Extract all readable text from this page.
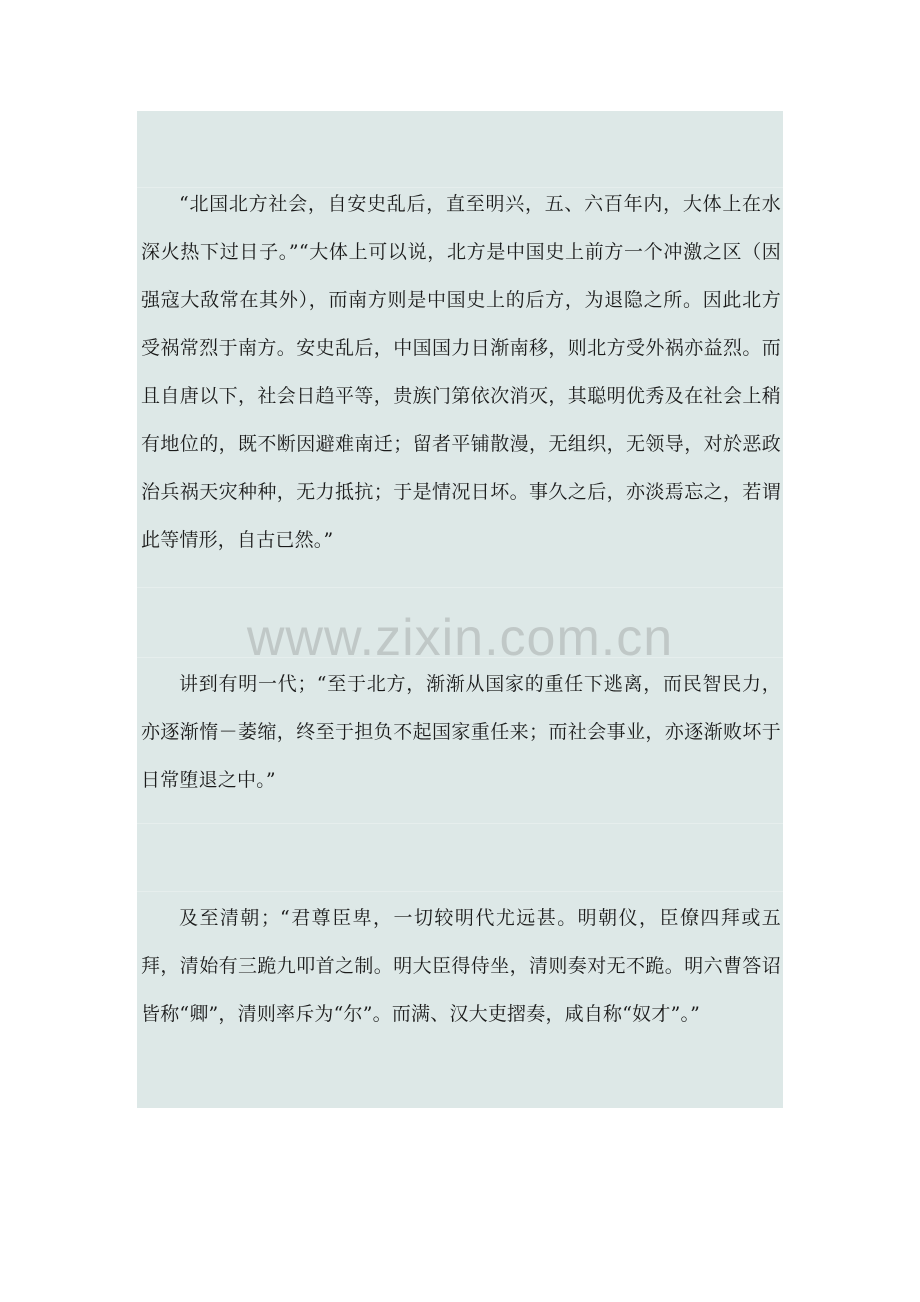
www.zixin.com.cn

“北国北方社会，自安史乱后，直至明兴，五、六百年内，大体上在水深火热下过日子。”“大体上可以说，北方是中国史上前方一个冲激之区（因强寇大敌常在其外），而南方则是中国史上的后方，为退隐之所。因此北方受祸常烈于南方。安史乱后，中国国力日渐南移，则北方受外祸亦益烈。而且自唐以下，社会日趋平等，贵族门第依次消灭，其聪明优秀及在社会上稍有地位的，既不断因避难南迁；留者平铺散漫，无组织，无领导，对於恶政治兵祸天灾种种，无力抵抗；于是情况日坏。事久之后，亦淡焉忘之，若谓此等情形，自古已然。”

讲到有明一代；“至于北方，渐渐从国家的重任下逃离，而民智民力，亦逐渐惰－萎缩，终至于担负不起国家重任来；而社会事业，亦逐渐败坏于日常堕退之中。”

及至清朝；“君尊臣卑，一切较明代尤远甚。明朝仪，臣僚四拜或五拜，清始有三跪九叩首之制。明大臣得侍坐，清则奏对无不跪。明六曹答诏皆称“卿”，清则率斥为“尔”。而满、汉大吏摺奏，咸自称“奴才”。”
